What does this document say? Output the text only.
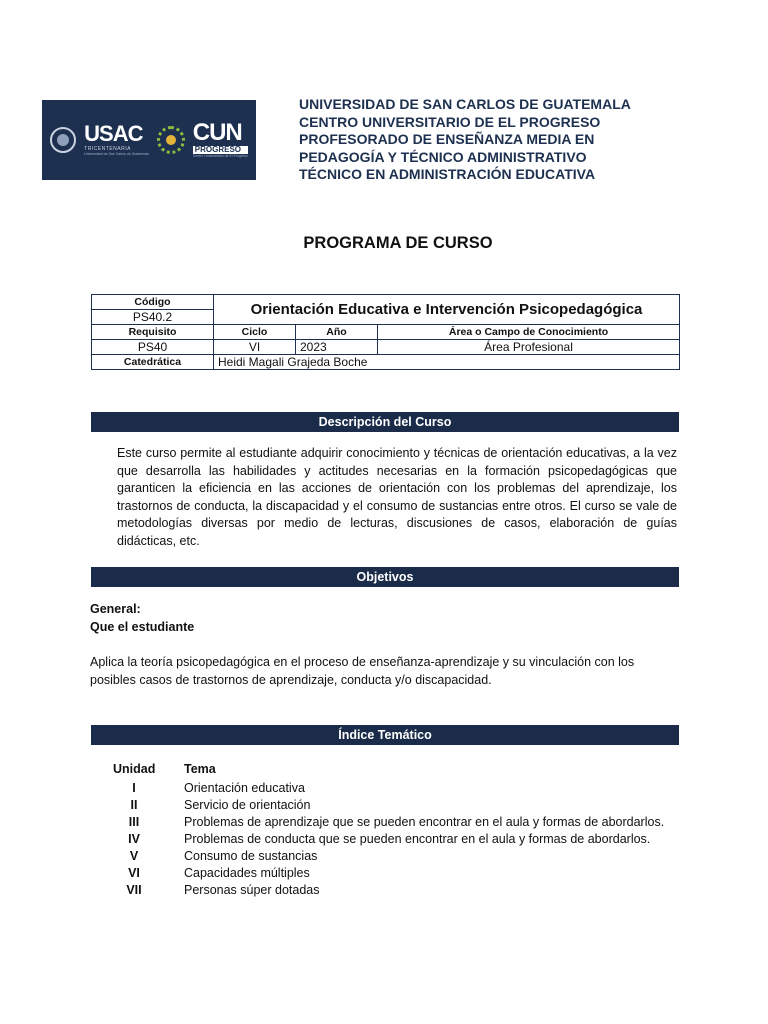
USAC
TRICENTENARIA
Universidad de San Carlos de Guatemala
CUN
PROGRESO
Centro Universitario de El Progreso
UNIVERSIDAD DE SAN CARLOS DE GUATEMALA
CENTRO UNIVERSITARIO DE EL PROGRESO
PROFESORADO DE ENSEÑANZA MEDIA EN
PEDAGOGÍA Y TÉCNICO ADMINISTRATIVO
TÉCNICO EN ADMINISTRACIÓN EDUCATIVA
PROGRAMA DE CURSO
Código	Orientación Educativa e Intervención Psicopedagógica		
PS40.2			
Requisito	Ciclo	Año	Área o Campo de Conocimiento
PS40	VI	2023	Área Profesional
Catedrática	Heidi Magali Grajeda Boche		
Descripción del Curso
Este curso permite al estudiante adquirir conocimiento y técnicas de orientación educativas, a la vez que desarrolla las habilidades y actitudes necesarias en la formación psicopedagógicas que garanticen la eficiencia en las acciones de orientación con los problemas del aprendizaje, los trastornos de conducta, la discapacidad y el consumo de sustancias entre otros. El curso se vale de metodologías diversas por medio de lecturas, discusiones de casos, elaboración de guías didácticas, etc.
Objetivos
General:
Que el estudiante
Aplica la teoría psicopedagógica en el proceso de enseñanza-aprendizaje y su vinculación con los posibles casos de trastornos de aprendizaje, conducta y/o discapacidad.
Índice Temático
Unidad Tema
I	Orientación educativa
II	Servicio de orientación
III	Problemas de aprendizaje que se pueden encontrar en el aula y formas de abordarlos.
IV	Problemas de conducta que se pueden encontrar en el aula y formas de abordarlos.
V	Consumo de sustancias
VI	Capacidades múltiples
VII	Personas súper dotadas
